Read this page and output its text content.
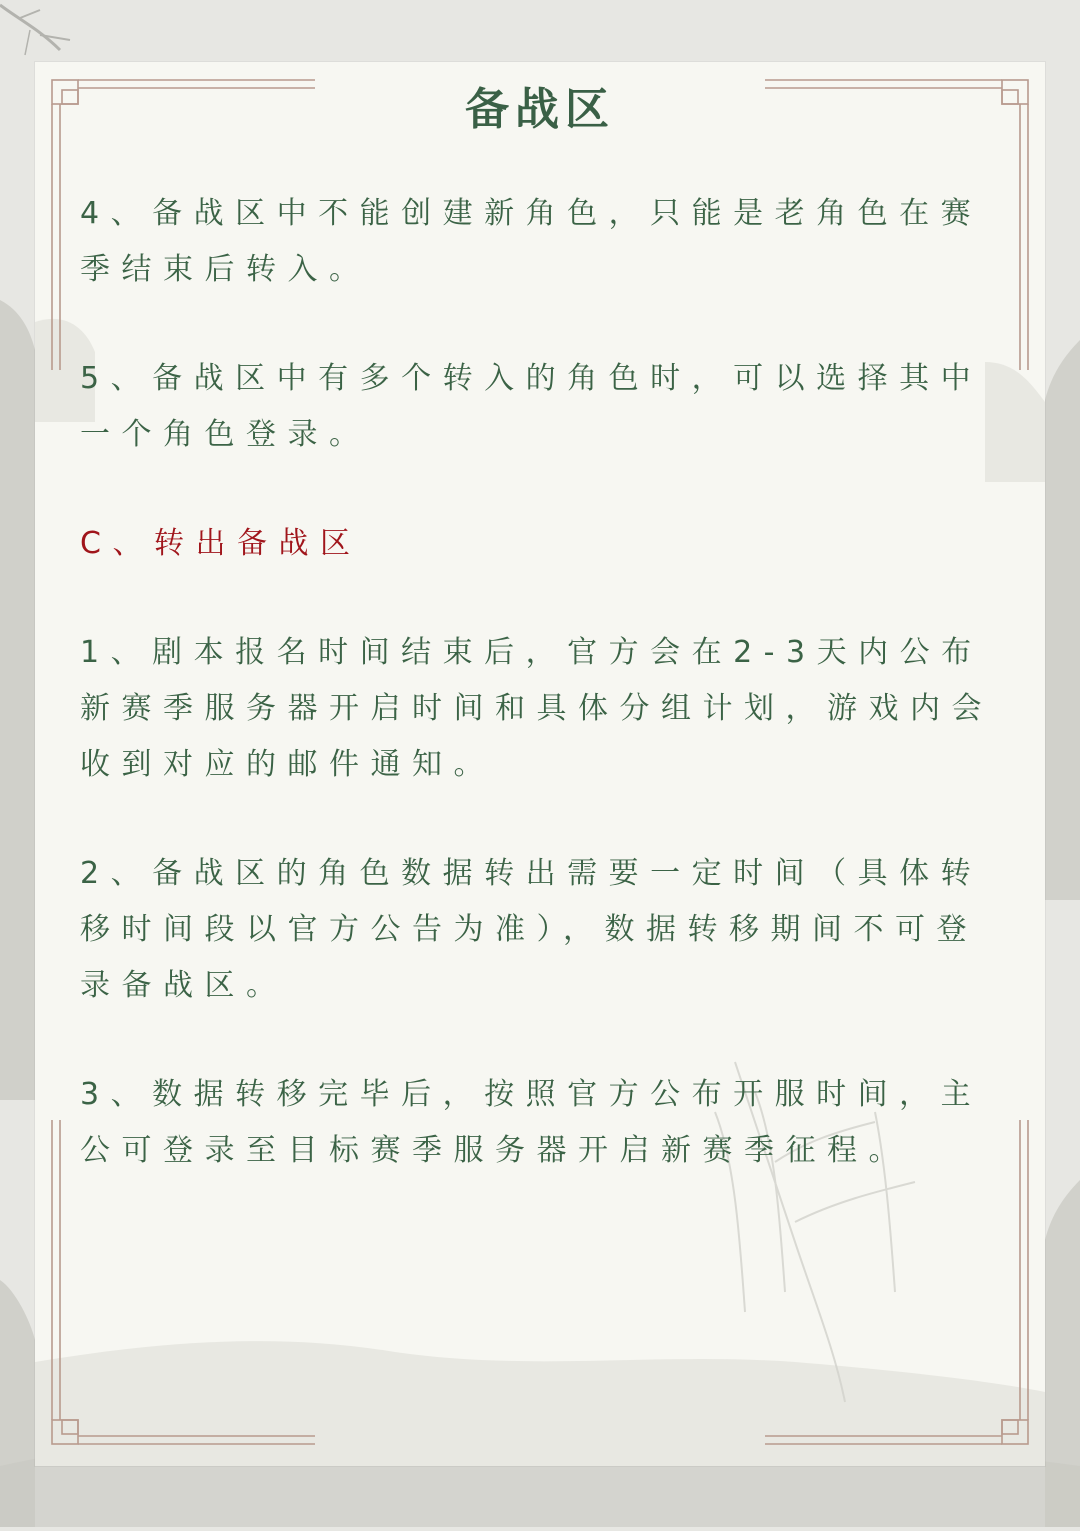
备战区

4、备战区中不能创建新角色，只能是老角色在赛季结束后转入。

5、备战区中有多个转入的角色时，可以选择其中一个角色登录。

C、转出备战区

1、剧本报名时间结束后，官方会在2-3天内公布新赛季服务器开启时间和具体分组计划，游戏内会收到对应的邮件通知。

2、备战区的角色数据转出需要一定时间（具体转移时间段以官方公告为准），数据转移期间不可登录备战区。

3、数据转移完毕后，按照官方公布开服时间，主公可登录至目标赛季服务器开启新赛季征程。
